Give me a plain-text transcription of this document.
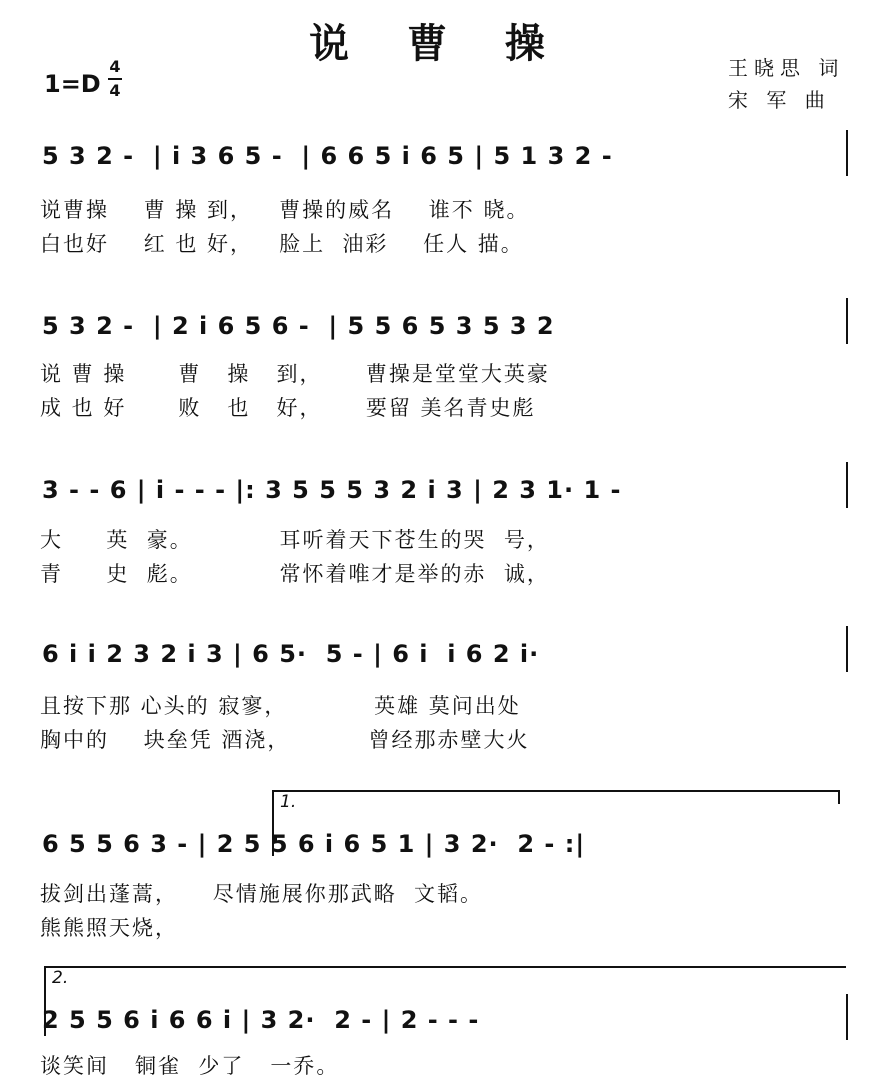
说 曹 操
1=D
4
4
王晓思 词
宋 军 曲
5 3 2 -  | i 3 6 5 -  | 6 6 5 i 6 5 | 5 1 3 2 -
说曹操    曹 操 到，   曹操的威名    谁不 晓。
白也好    红 也 好，   脸上  油彩    任人 描。
5 3 2 -  | 2 i 6 5 6 -  | 5 5 6 5 3 5 3 2
说 曹 操      曹   操   到，     曹操是堂堂大英豪
成 也 好      败   也   好，     要留 美名青史彪
3 - - 6 | i - - - |: 3 5 5 5 3 2 i 3 | 2 3 1· 1 -
大     英  豪。          耳听着天下苍生的哭  号，
青     史  彪。          常怀着唯才是举的赤  诚，
6 i i 2 3 2 i 3 | 6 5·  5 - | 6 i  i 6 2 i·
且按下那 心头的 寂寥，          英雄 莫问出处
胸中的    块垒凭 酒浇，         曾经那赤壁大火
1.
6 5 5 6 3 - | 2 5 5 6 i 6 5 1 | 3 2·  2 - :|
拔剑出蓬蒿，    尽情施展你那武略  文韬。
熊熊照天烧，
2.
2 5 5 6 i 6 6 i | 3 2·  2 - | 2 - - -
谈笑间   铜雀  少了   一乔。
